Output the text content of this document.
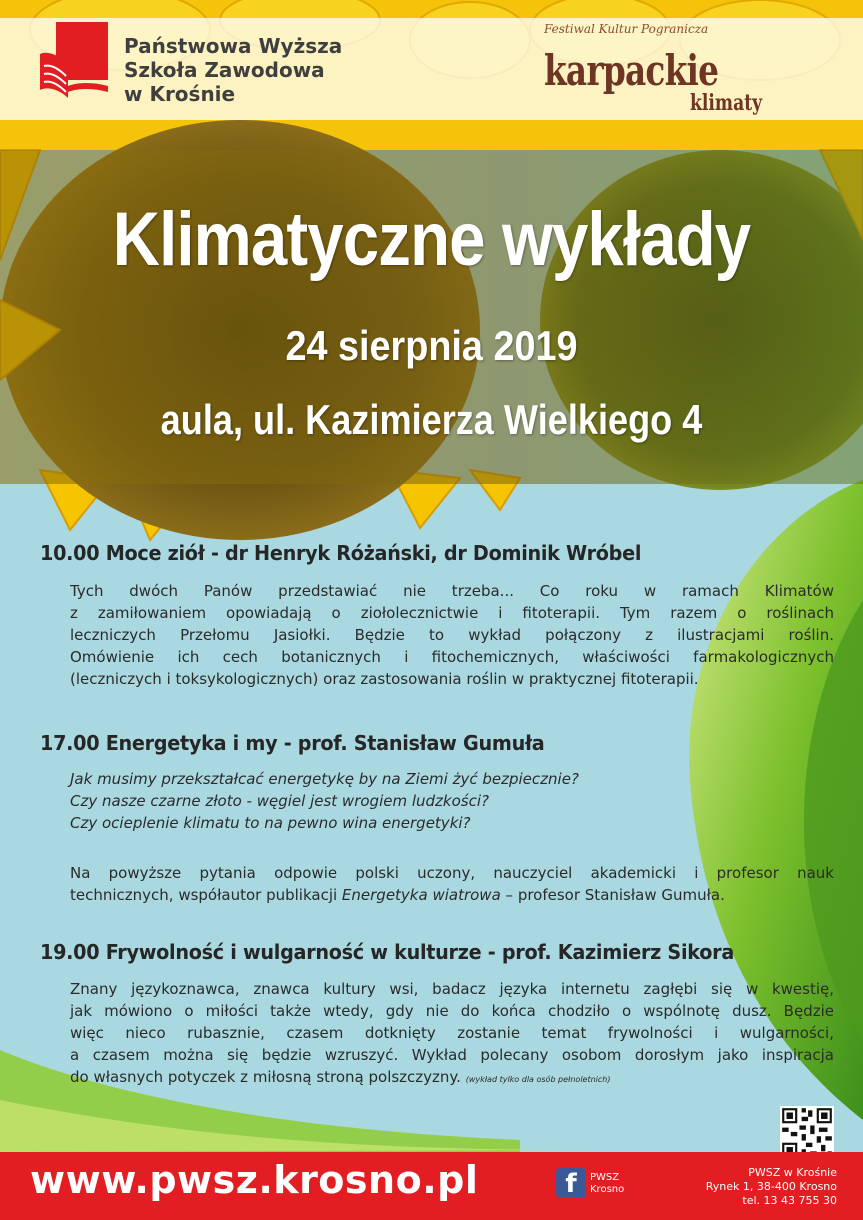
Państwowa Wyższa
Szkoła Zawodowa
w Krośnie
Festiwal Kultur Pogranicza
karpackie
klimaty
Klimatyczne wykłady
24 sierpnia 2019
aula, ul. Kazimierza Wielkiego 4
10.00 Moce ziół - dr Henryk Różański, dr Dominik Wróbel
Tych dwóch Panów przedstawiać nie trzeba... Co roku w ramach Klimatów
z zamiłowaniem opowiadają o ziołolecznictwie i fitoterapii. Tym razem o roślinach
leczniczych Przełomu Jasiołki. Będzie to wykład połączony z ilustracjami roślin.
Omówienie ich cech botanicznych i fitochemicznych, właściwości farmakologicznych
(leczniczych i toksykologicznych) oraz zastosowania roślin w praktycznej fitoterapii.
17.00 Energetyka i my - prof. Stanisław Gumuła
Jak musimy przekształcać energetykę by na Ziemi żyć bezpiecznie?
Czy nasze czarne złoto - węgiel jest wrogiem ludzkości?
Czy ocieplenie klimatu to na pewno wina energetyki?
Na powyższe pytania odpowie polski uczony, nauczyciel akademicki i profesor nauk
technicznych, współautor publikacji Energetyka wiatrowa – profesor Stanisław Gumuła.
19.00 Frywolność i wulgarność w kulturze - prof. Kazimierz Sikora
Znany językoznawca, znawca kultury wsi, badacz języka internetu zagłębi się w kwestię,
jak mówiono o miłości także wtedy, gdy nie do końca chodziło o wspólnotę dusz. Będzie
więc nieco rubasznie, czasem dotknięty zostanie temat frywolności i wulgarności,
a czasem można się będzie wzruszyć. Wykład polecany osobom dorosłym jako inspiracja
do własnych potyczek z miłosną stroną polszczyzny. (wykład tylko dla osób pełnoletnich)
www.pwsz.krosno.pl	f	PWSZ
Krosno
PWSZ w Krośnie
Rynek 1, 38-400 Krosno
tel. 13 43 755 30
